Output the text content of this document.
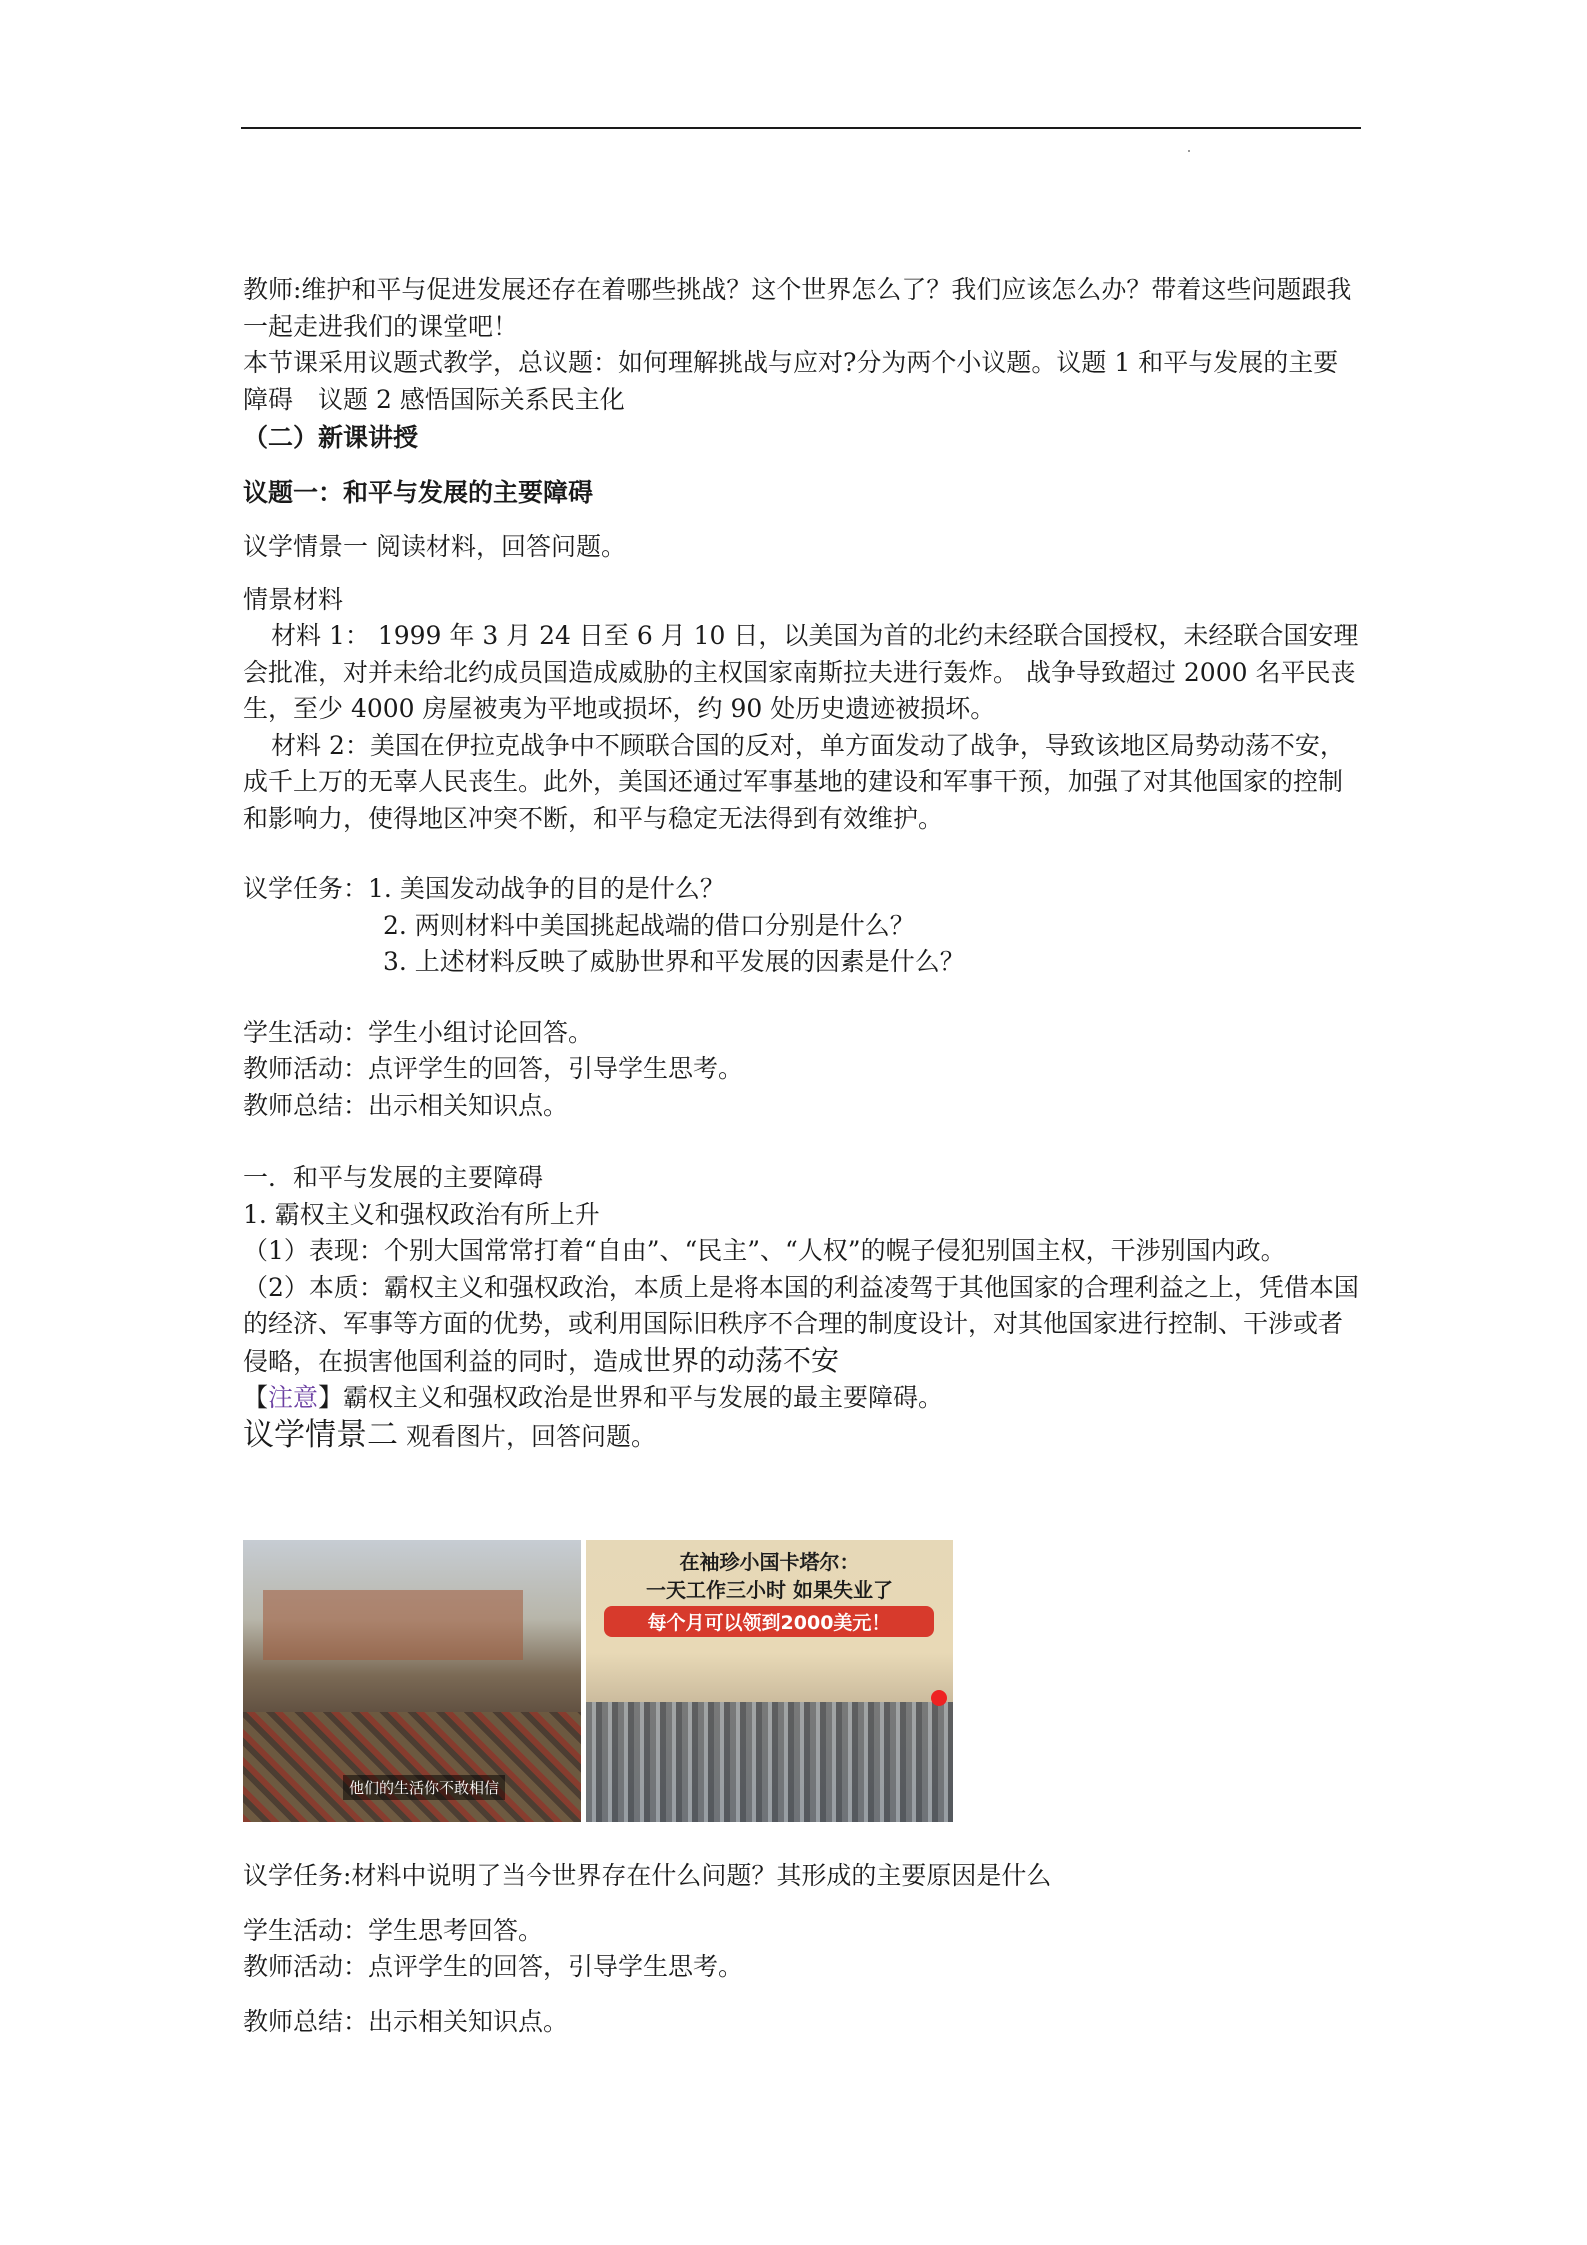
教师:维护和平与促进发展还存在着哪些挑战？这个世界怎么了？我们应该怎么办？带着这些问题跟我一起走进我们的课堂吧！

本节课采用议题式教学，总议题：如何理解挑战与应对?分为两个小议题。议题 1 和平与发展的主要障碍　议题 2 感悟国际关系民主化

（二）新课讲授

议题一：和平与发展的主要障碍

议学情景一 阅读材料，回答问题。

情景材料

材料 1： 1999 年 3 月 24 日至 6 月 10 日，以美国为首的北约未经联合国授权，未经联合国安理会批准，对并未给北约成员国造成威胁的主权国家南斯拉夫进行轰炸。 战争导致超过 2000 名平民丧生，至少 4000 房屋被夷为平地或损坏，约 90 处历史遗迹被损坏。

材料 2：美国在伊拉克战争中不顾联合国的反对，单方面发动了战争，导致该地区局势动荡不安，成千上万的无辜人民丧生。此外，美国还通过军事基地的建设和军事干预，加强了对其他国家的控制和影响力，使得地区冲突不断，和平与稳定无法得到有效维护。

议学任务：1. 美国发动战争的目的是什么？

2. 两则材料中美国挑起战端的借口分别是什么？

3. 上述材料反映了威胁世界和平发展的因素是什么？

学生活动：学生小组讨论回答。

教师活动：点评学生的回答，引导学生思考。

教师总结：出示相关知识点。

一．和平与发展的主要障碍

1. 霸权主义和强权政治有所上升

（1）表现：个别大国常常打着“自由”、“民主”、“人权”的幌子侵犯别国主权，干涉别国内政。

（2）本质：霸权主义和强权政治，本质上是将本国的利益凌驾于其他国家的合理利益之上，凭借本国的经济、军事等方面的优势，或利用国际旧秩序不合理的制度设计，对其他国家进行控制、干涉或者侵略，在损害他国利益的同时，造成世界的动荡不安

【注意】霸权主义和强权政治是世界和平与发展的最主要障碍。

议学情景二 观看图片，回答问题。

他们的生活你不敢相信
在袖珍小国卡塔尔：
一天工作三小时 如果失业了
每个月可以领到2000美元！

议学任务:材料中说明了当今世界存在什么问题？其形成的主要原因是什么

学生活动：学生思考回答。

教师活动：点评学生的回答，引导学生思考。

教师总结：出示相关知识点。
